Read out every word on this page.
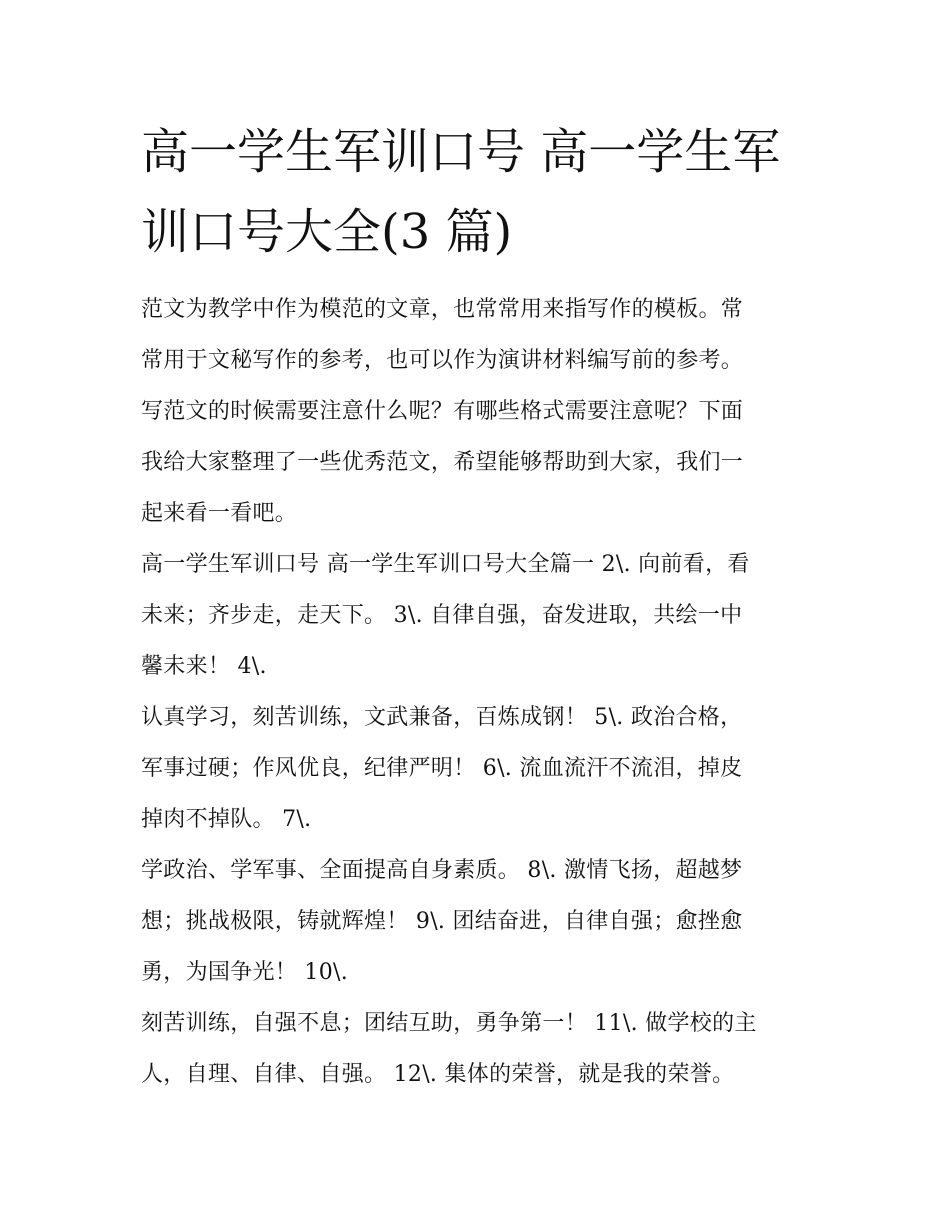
高一学生军训口号 高一学生军
训口号大全(3 篇)

范文为教学中作为模范的文章，也常常用来指写作的模板。常
常用于文秘写作的参考，也可以作为演讲材料编写前的参考。
写范文的时候需要注意什么呢？有哪些格式需要注意呢？下面
我给大家整理了一些优秀范文，希望能够帮助到大家，我们一
起来看一看吧。

高一学生军训口号 高一学生军训口号大全篇一 2\. 向前看，看
未来；齐步走，走天下。 3\. 自律自强，奋发进取，共绘一中
馨未来！ 4\.

认真学习，刻苦训练，文武兼备，百炼成钢！ 5\. 政治合格，
军事过硬；作风优良，纪律严明！ 6\. 流血流汗不流泪，掉皮
掉肉不掉队。 7\.

学政治、学军事、全面提高自身素质。 8\. 激情飞扬，超越梦
想；挑战极限，铸就辉煌！ 9\. 团结奋进，自律自强；愈挫愈
勇，为国争光！ 10\.

刻苦训练，自强不息；团结互助，勇争第一！ 11\. 做学校的主
人，自理、自律、自强。 12\. 集体的荣誉，就是我的荣誉。
